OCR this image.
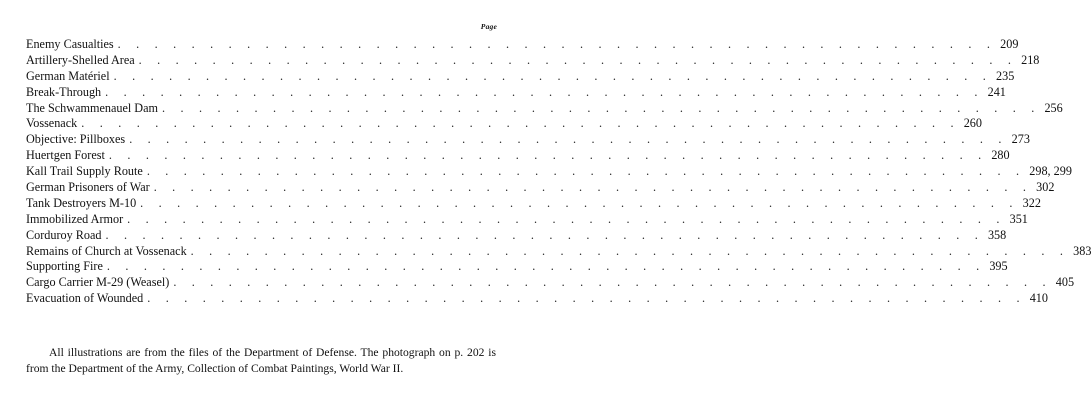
Page
Enemy Casualties . . . . . . . . . . . . . . . . . . . . . . . . . . . . . . . . . . . . . . . . . . . . . . . . 209
Artillery-Shelled Area . . . . . . . . . . . . . . . . . . . . . . . . . . . . . . . . . . . . . . . . . . . . . . . . 218
German Matériel . . . . . . . . . . . . . . . . . . . . . . . . . . . . . . . . . . . . . . . . . . . . . . . . 235
Break-Through . . . . . . . . . . . . . . . . . . . . . . . . . . . . . . . . . . . . . . . . . . . . . . . . 241
The Schwammenauel Dam . . . . . . . . . . . . . . . . . . . . . . . . . . . . . . . . . . . . . . . . . . . . . . . . 256
Vossenack . . . . . . . . . . . . . . . . . . . . . . . . . . . . . . . . . . . . . . . . . . . . . . . . 260
Objective: Pillboxes . . . . . . . . . . . . . . . . . . . . . . . . . . . . . . . . . . . . . . . . . . . . . . . . 273
Huertgen Forest . . . . . . . . . . . . . . . . . . . . . . . . . . . . . . . . . . . . . . . . . . . . . . . . 280
Kall Trail Supply Route . . . . . . . . . . . . . . . . . . . . . . . . . . . . . . . . . . . . . . . . . . . . . . . . 298, 299
German Prisoners of War . . . . . . . . . . . . . . . . . . . . . . . . . . . . . . . . . . . . . . . . . . . . . . . . 302
Tank Destroyers M-10 . . . . . . . . . . . . . . . . . . . . . . . . . . . . . . . . . . . . . . . . . . . . . . . . 322
Immobilized Armor . . . . . . . . . . . . . . . . . . . . . . . . . . . . . . . . . . . . . . . . . . . . . . . . 351
Corduroy Road . . . . . . . . . . . . . . . . . . . . . . . . . . . . . . . . . . . . . . . . . . . . . . . . 358
Remains of Church at Vossenack . . . . . . . . . . . . . . . . . . . . . . . . . . . . . . . . . . . . . . . . . . . . . . . . 383
Supporting Fire . . . . . . . . . . . . . . . . . . . . . . . . . . . . . . . . . . . . . . . . . . . . . . . . 395
Cargo Carrier M-29 (Weasel) . . . . . . . . . . . . . . . . . . . . . . . . . . . . . . . . . . . . . . . . . . . . . . . . 405
Evacuation of Wounded . . . . . . . . . . . . . . . . . . . . . . . . . . . . . . . . . . . . . . . . . . . . . . . . 410

All illustrations are from the files of the Department of Defense. The photograph on p. 202 is from the Department of the Army, Collection of Combat Paintings, World War II.
